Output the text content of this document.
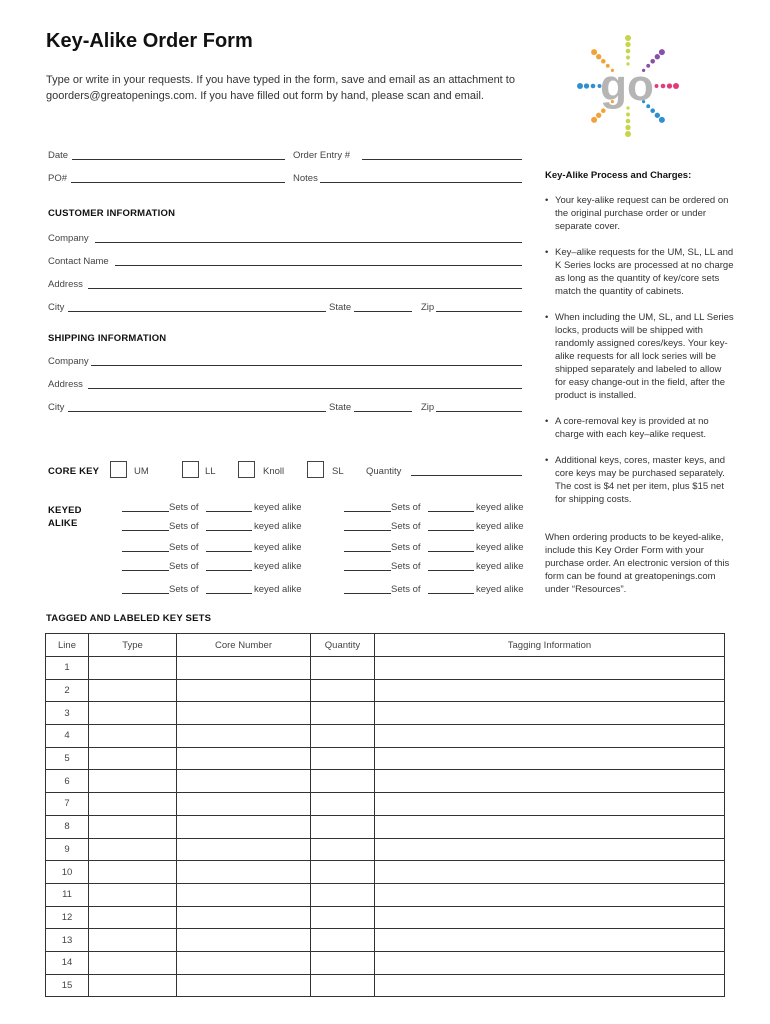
Key-Alike Order Form
Type or write in your requests. If you have typed in the form, save and email as an attachment to goorders@greatopenings.com. If you have filled out form by hand, please scan and email.	go
Date	Order Entry #
PO#	Notes
CUSTOMER INFORMATION
Company
Contact Name
Address
City	State	Zip
SHIPPING INFORMATION
Company
Address
City	State	Zip
CORE KEY	UM	LL	Knoll	SL Quantity
KEYED
ALIKE
Sets of	keyed alike	Sets of	keyed alike
Sets of	keyed alike	Sets of	keyed alike
Sets of	keyed alike	Sets of	keyed alike
Sets of	keyed alike	Sets of	keyed alike
Sets of	keyed alike	Sets of	keyed alike
Key-Alike Process and Charges:
• Your key-alike request can be ordered on the original purchase order or under separate cover.
• Key–alike requests for the UM, SL, LL and K Series locks are processed at no charge as long as the quantity of key/core sets match the quantity of cabinets.
• When including the UM, SL, and LL Series locks, products will be shipped with randomly assigned cores/keys. Your key-alike requests for all lock series will be shipped separately and labeled to allow for easy change-out in the field, after the product is installed.
• A core-removal key is provided at no charge with each key–alike request.
• Additional keys, cores, master keys, and core keys may be purchased separately. The cost is $4 net per item, plus $15 net for shipping costs.
When ordering products to be keyed-alike, include this Key Order Form with your purchase order. An electronic version of this form can be found at greatopenings.com under “Resources”.
TAGGED AND LABELED KEY SETS
Line	Type	Core Number	Quantity	Tagging Information
1				
2				
3				
4				
5				
6				
7				
8				
9				
10				
11				
12				
13				
14				
15				
